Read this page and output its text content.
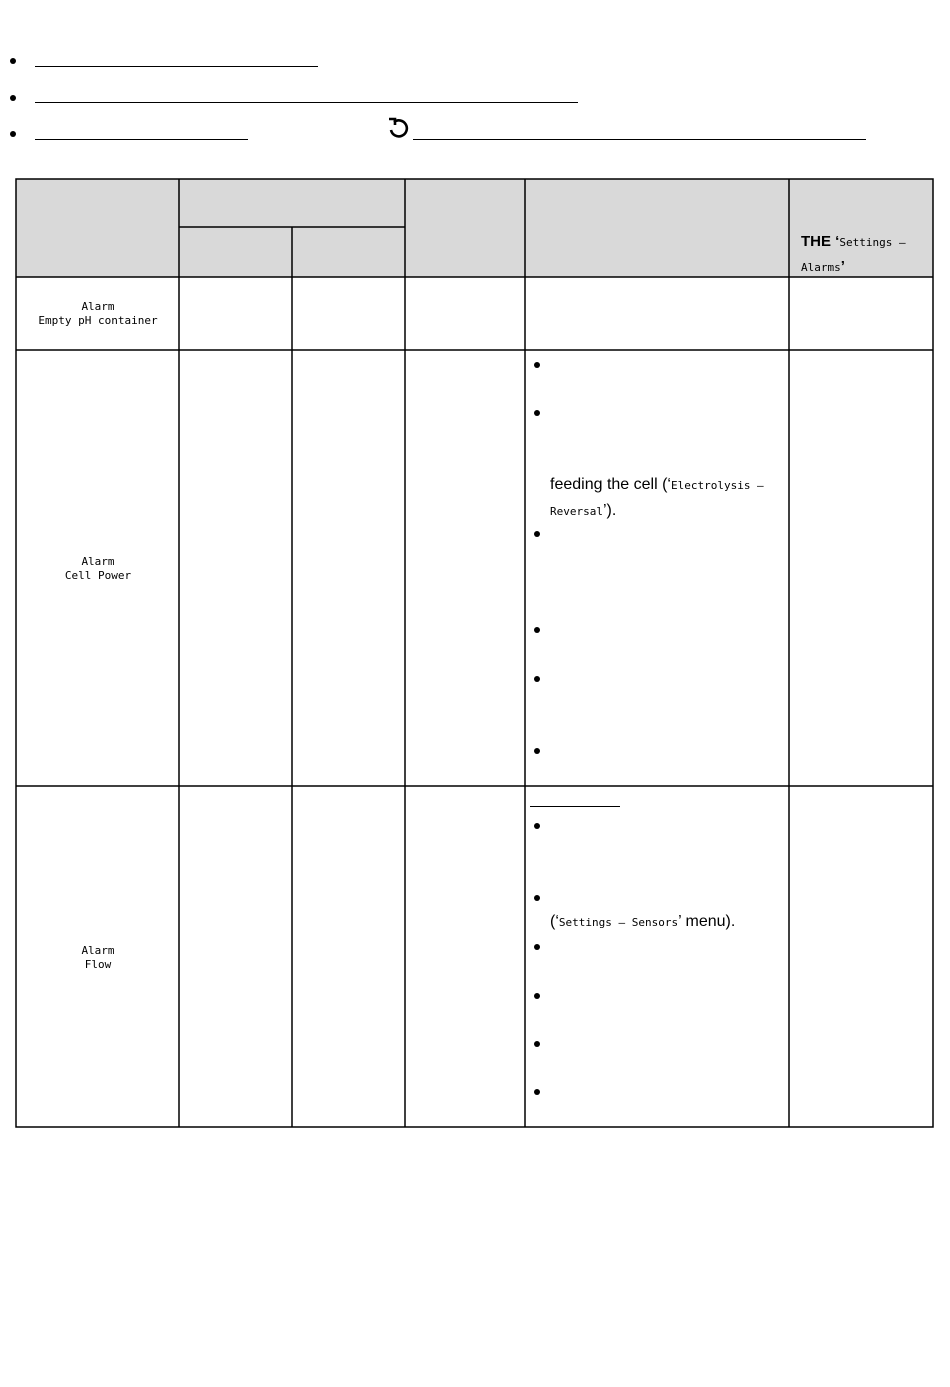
THE ‘Settings – Alarms’
Alarm
Empty pH container
Alarm
Cell Power
Alarm
Flow
feeding the cell (‘Electrolysis – Reversal’).
(‘Settings – Sensors’ menu).
